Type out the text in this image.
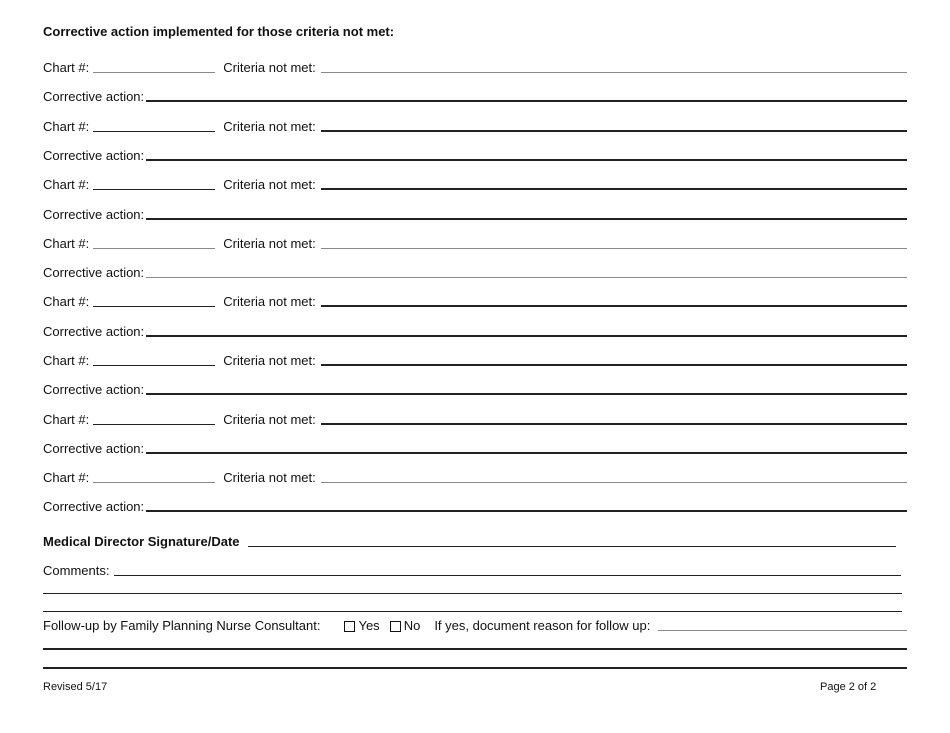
Corrective action implemented for those criteria not met:
Chart #:	Criteria not met:
Corrective action:
Chart #:	Criteria not met:
Corrective action:
Chart #:	Criteria not met:
Corrective action:
Chart #:	Criteria not met:
Corrective action:
Chart #:	Criteria not met:
Corrective action:
Chart #:	Criteria not met:
Corrective action:
Chart #:	Criteria not met:
Corrective action:
Chart #:	Criteria not met:
Corrective action:
Medical Director Signature/Date
Comments:
Follow-up by Family Planning Nurse Consultant:	Yes No If yes, document reason for follow up:
Revised 5/17	Page 2 of 2
